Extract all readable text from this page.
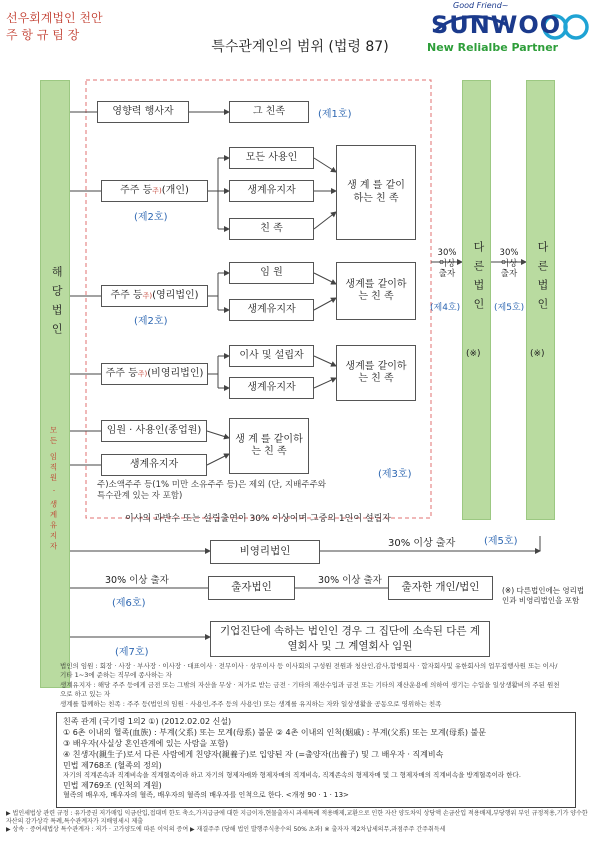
선우회계법인 천안
주 항 규 팀 장
특수관계인의 범위 (법령 87)
Good Friend~
SUNWOO
New Relialbe Partner
해당법인
모든 임직원 · 생계유지자
다른법인
(※)
다른법인
(※)
영향력 행사자	그 친족	(제1호)
주주 등 주) (개인)
(제2호)
모든 사용인
생계유지자
친 족
생 계 를 같이하는 친 족
30% 이상 출자
(제4호)
30% 이상 출자
(제5호)
주주 등 주) (영리법인)
(제2호)
임 원
생계유지자
생계를 같이하는 친 족
주주 등 주) (비영리법인)
이사 및 설립자
생계유지자
생계를 같이하는 친 족
임원 · 사용인(종업원)
생계유지자
생 계 를 같이하는 친 족
(제3호)
주)소액주주 등(1% 미만 소유주주 등)은 제외 (단, 지배주주와 특수관계 있는 자 포함)
이사의 과반수 또는 설립출연이 30% 이상이며 그중의 1인이 설립자
비영리법인
30% 이상 출자	(제5호)
30% 이상 출자
(제6호)
출자법인
30% 이상 출자
출자한 개인/법인	(※) 다른법인에는 영리법인과 비영리법인을 포함
(제7호)
기업진단에 속하는 법인인 경우 그 집단에 소속된 다른 계열회사 및 그 계열회사 임원
법인의 임원 : 회장 · 사장 · 부사장 · 이사장 · 대표이사 · 전무이사 · 상무이사 등 이사회의 구성원 전원과 청산인,감사,합병회사 · 합자회사및 유한회사의 업무집행사원 또는 이사/기타 1~3에 준하는 직무에 종사하는 자
생계유지자 : 해당 주주 등에게 금전 또는 그밖의 자산을 무상 · 저가로 받는 금전 · 기타의 재산수입과 금전 또는 기타의 재산운용에 의하여 생기는 수입을 일상생활비의 주된 원천으로 하고 있는 자
생계를 함께하는 친족 : 주주 등(법인의 임원 · 사용인,주주 등의 사용인) 또는 생계를 유지하는 자와 일상생활을 공동으로 영위하는 친족
친족 관계 (국기령 1의2 ①) (2012.02.02 신설)
① 6촌 이내의 혈족(血族) : 부계(父系) 또는 모계(母系) 불문 ② 4촌 이내의 인척(姻戚) : 부계(父系) 또는 모계(母系) 불문
③ 배우자(사실상 혼인관계에 있는 사람을 포함)
④ 친생자(親生子)로서 다른 사람에게 친양자(親養子)로 입양된 자 (=출양자(出養子) 및 그 배우자 · 직계비속
민법 제768조 (혈족의 정의)
자기의 직계존속과 직계비속을 직계혈족이라 하고 자기의 형제자매와 형제자매의 직계비속, 직계존속의 형제자매 및 그 형제자매의 직계비속을 방계혈족이라 한다.
민법 제769조 (인척의 계원)
혈족의 배우자, 배우자의 혈족, 배우자의 혈족의 배우자를 인척으로 한다. <개정 90 · 1 · 13>
▶ 법인세법상 관련 규정 : 유가증권 저가매입 익금산입,접대비 한도 축소,가지급금에 대한 지급이자,현물출자시 과세특례 적용배제,교환으로 인한 자산 양도차익 상당액 손금산입 적용배제,부당행위 부인 규정적용,기가 양수한 자산의 감가상각 특례,특수관계자가 지배영세시 제출
▶ 상속 · 증여세법상 특수관계자 : 저가 · 고가양도에 따른 이익의 증여 ▶ 재결주주 (당해 법인 발행주식총수의 50% 초과) ※ 출자자 제2차납세의무,과점주주 간주취득세
